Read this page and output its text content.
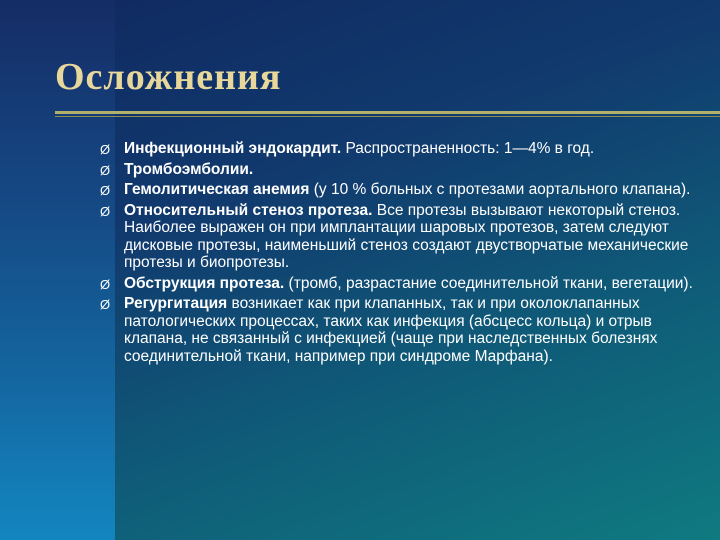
Осложнения
Ø Инфекционный эндокардит. Распространенность: 1—4% в год.
Ø Тромбоэмболии.
Ø Гемолитическая анемия (у 10 % больных с протезами аортального клапана).
Ø Относительный стеноз протеза. Все протезы вызывают некоторый стеноз. Наиболее выражен он при имплантации шаровых протезов, затем следуют дисковые протезы, наименьший стеноз создают двустворчатые механические протезы и биопротезы.
Ø Обструкция протеза. (тромб, разрастание соединительной ткани, вегетации).
Ø Регургитация возникает как при клапанных, так и при околоклапанных патологических процессах, таких как инфекция (абсцесс кольца) и отрыв клапана, не связанный с инфекцией (чаще при наследственных болезнях соединительной ткани, например при синдроме Марфана).
